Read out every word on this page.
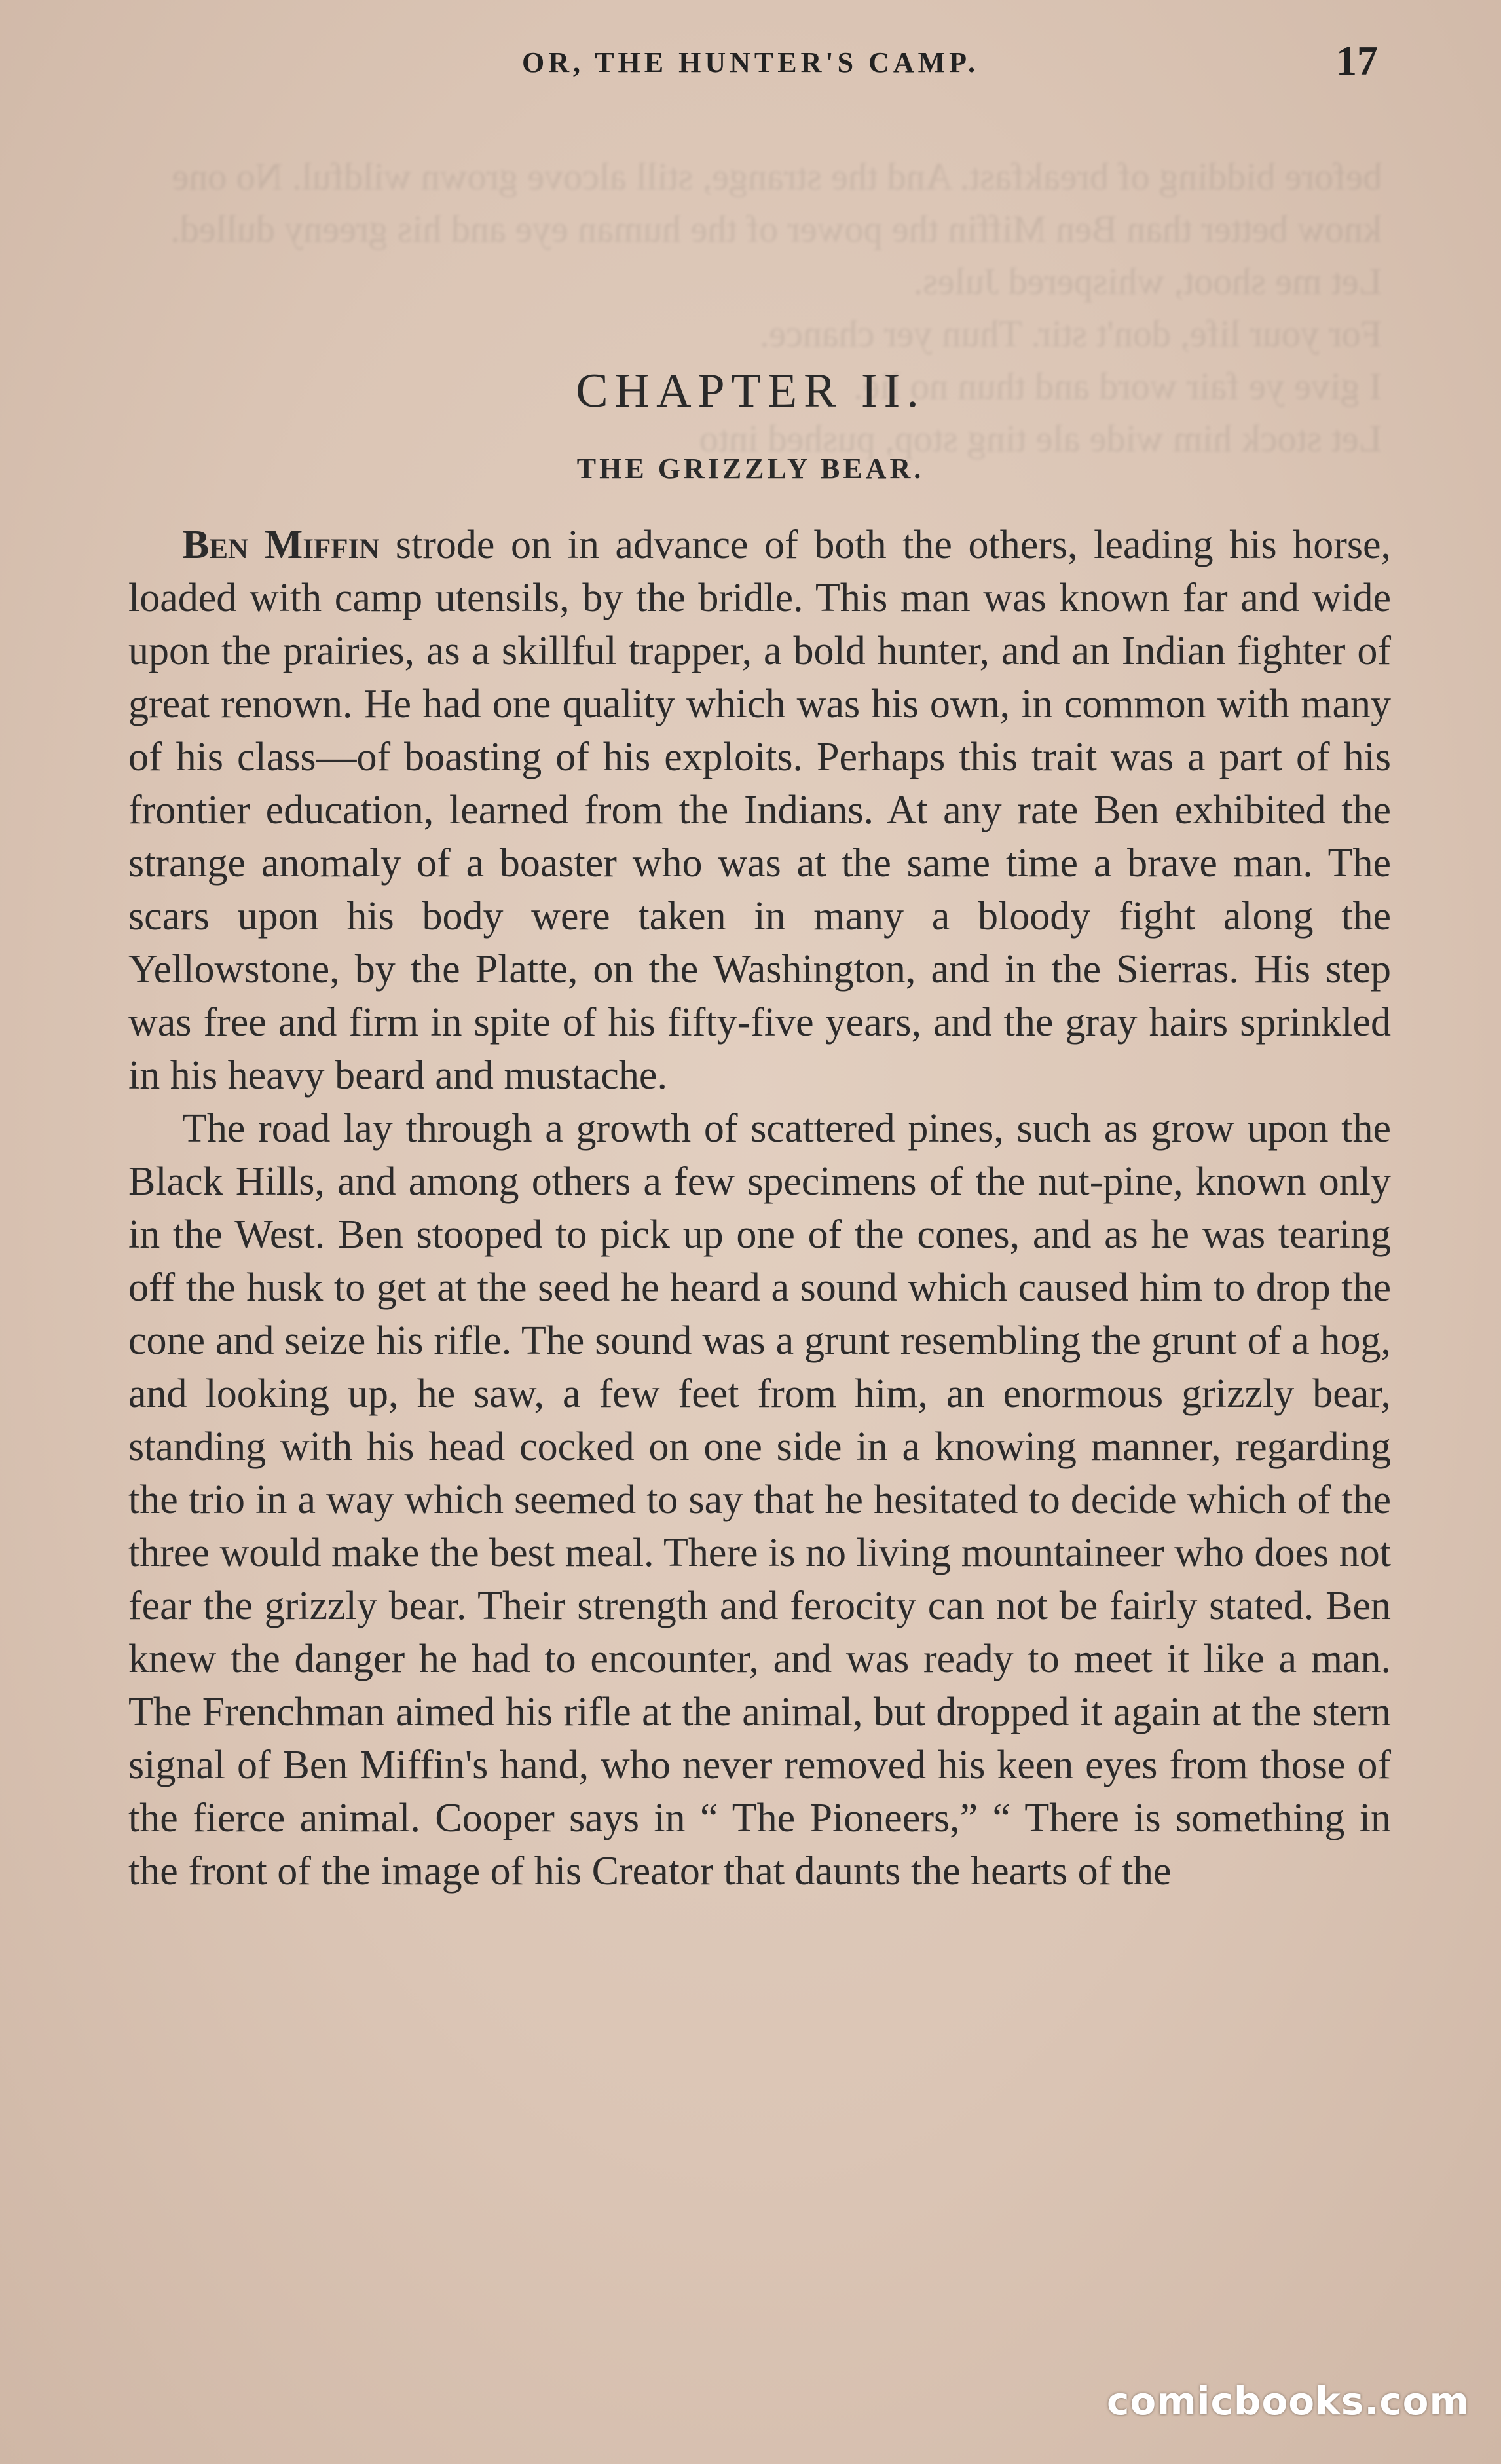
before bidding of breakfast. And the strange, still alcove grown wildful. No one know better than Ben Miffin the power of the human eye and his greeny dulled.
Let me shoot, whispered Jules.
For your life, don't stir. Thun yer chance.
I give ye fair word and thun no lie.
Let stock him wide ale ting stop, pushed into
OR, THE HUNTER'S CAMP.	17
CHAPTER II.
THE GRIZZLY BEAR.

Ben Miffin strode on in advance of both the others, leading his horse, loaded with camp utensils, by the bridle. This man was known far and wide upon the prairies, as a skillful trapper, a bold hunter, and an Indian fighter of great renown. He had one quality which was his own, in common with many of his class—of boasting of his exploits. Perhaps this trait was a part of his frontier education, learned from the Indians. At any rate Ben exhibited the strange anomaly of a boaster who was at the same time a brave man. The scars upon his body were taken in many a bloody fight along the Yellowstone, by the Platte, on the Washington, and in the Sierras. His step was free and firm in spite of his fifty-five years, and the gray hairs sprinkled in his heavy beard and mustache.

The road lay through a growth of scattered pines, such as grow upon the Black Hills, and among others a few specimens of the nut-pine, known only in the West. Ben stooped to pick up one of the cones, and as he was tearing off the husk to get at the seed he heard a sound which caused him to drop the cone and seize his rifle. The sound was a grunt resembling the grunt of a hog, and looking up, he saw, a few feet from him, an enormous grizzly bear, standing with his head cocked on one side in a knowing manner, regarding the trio in a way which seemed to say that he hesitated to decide which of the three would make the best meal. There is no living mountaineer who does not fear the grizzly bear. Their strength and ferocity can not be fairly stated. Ben knew the danger he had to encounter, and was ready to meet it like a man. The Frenchman aimed his rifle at the animal, but dropped it again at the stern signal of Ben Miffin's hand, who never removed his keen eyes from those of the fierce animal. Cooper says in “ The Pioneers,” “ There is something in the front of the image of his Creator that daunts the hearts of the

comicbooks.com
